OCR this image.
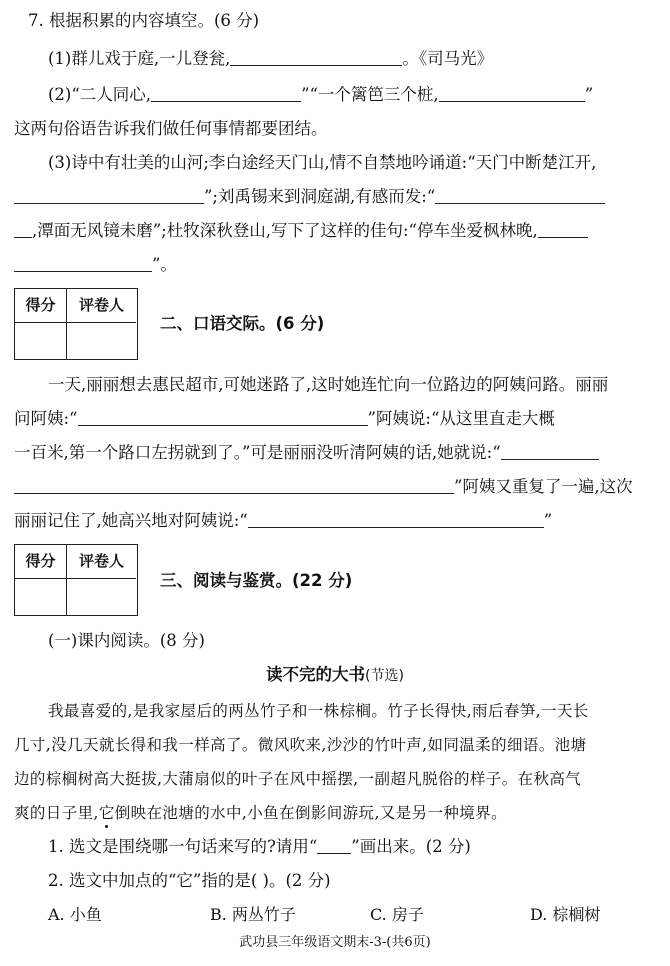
7. 根据积累的内容填空。(6 分)
(1)群儿戏于庭,一儿登瓮,	。《司马光》
(2)“二人同心,	”“一个篱笆三个桩,	”
这两句俗语告诉我们做任何事情都要团结。
(3)诗中有壮美的山河;李白途经天门山,情不自禁地吟诵道:“天门中断楚江开,
”;刘禹锡来到洞庭湖,有感而发:“
,潭面无风镜未磨”;杜牧深秋登山,写下了这样的佳句:“停车坐爱枫林晚,
”。
得分	评卷人
二、口语交际。(6 分)
一天,丽丽想去惠民超市,可她迷路了,这时她连忙向一位路边的阿姨问路。丽丽
问阿姨:“	”阿姨说:“从这里直走大概
一百米,第一个路口左拐就到了。”可是丽丽没听清阿姨的话,她就说:“
”阿姨又重复了一遍,这次
丽丽记住了,她高兴地对阿姨说:“	”
得分	评卷人
三、阅读与鉴赏。(22 分)
(一)课内阅读。(8 分)
读不完的大书(节选)
我最喜爱的,是我家屋后的两丛竹子和一株棕榈。竹子长得快,雨后春笋,一天长
几寸,没几天就长得和我一样高了。微风吹来,沙沙的竹叶声,如同温柔的细语。池塘
边的棕榈树高大挺拔,大蒲扇似的叶子在风中摇摆,一副超凡脱俗的样子。在秋高气
爽的日子里,它倒映在池塘的水中,小鱼在倒影间游玩,又是另一种境界。
1. 选文是围绕哪一句话来写的?请用“ ”画出来。(2 分)
2. 选文中加点的“它”指的是( )。(2 分)
A. 小鱼	B. 两丛竹子	C. 房子	D. 棕榈树
武功县三年级语文期末-3-(共6页)
